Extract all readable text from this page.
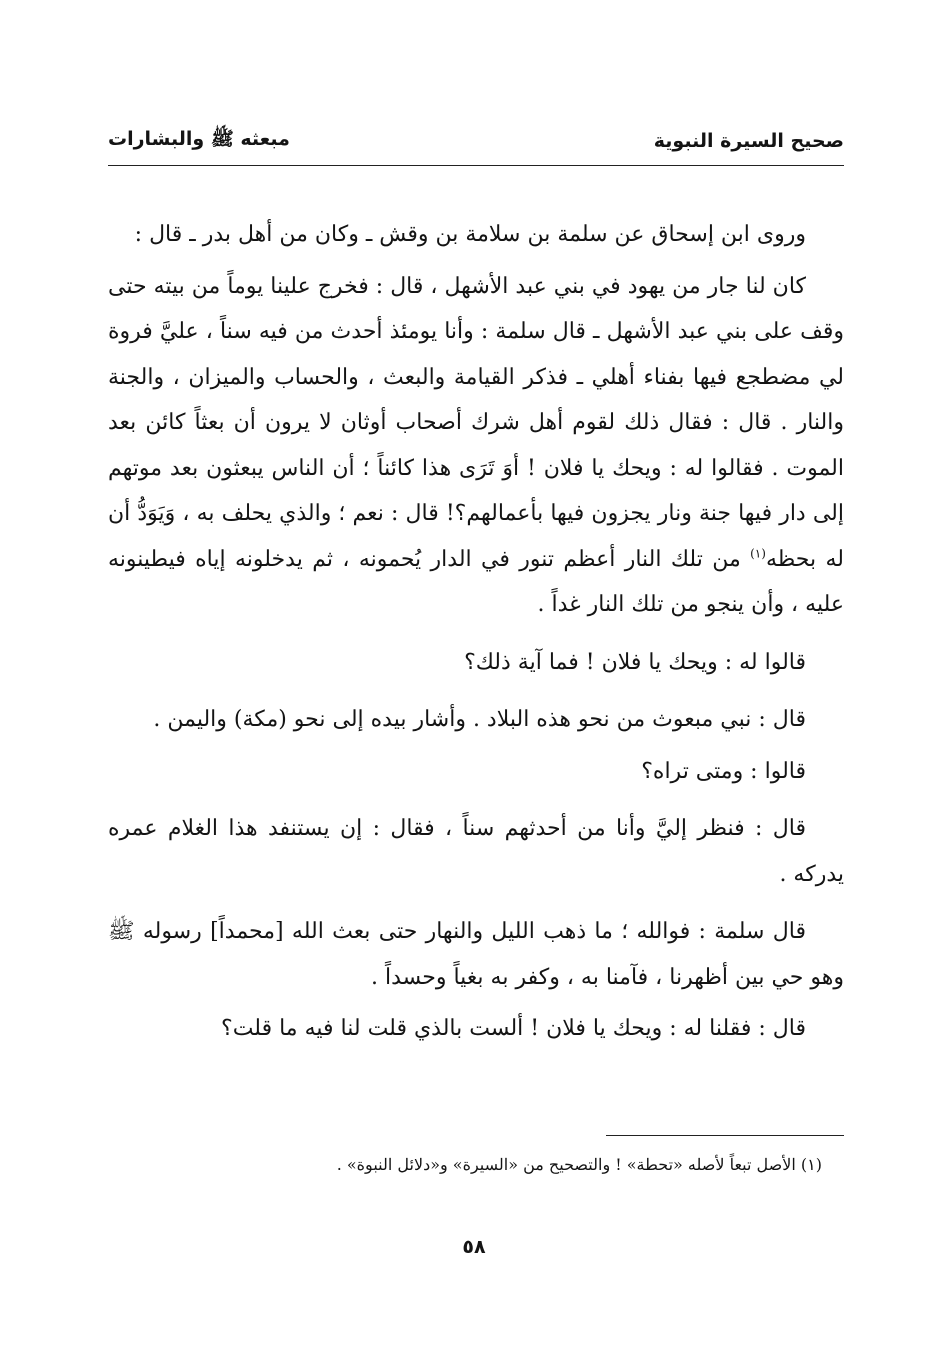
صحيح السيرة النبوية
مبعثه ﷺ والبشارات

وروى ابن إسحاق عن سلمة بن سلامة بن وقش ـ وكان من أهل بدر ـ قال :

كان لنا جار من يهود في بني عبد الأشهل ، قال : فخرج علينا يوماً من بيته حتى وقف على بني عبد الأشهل ـ قال سلمة : وأنا يومئذ أحدث من فيه سناً ، عليَّ فروة لي مضطجع فيها بفناء أهلي ـ فذكر القيامة والبعث ، والحساب والميزان ، والجنة والنار . قال : فقال ذلك لقوم أهل شرك أصحاب أوثان لا يرون أن بعثاً كائن بعد الموت . فقالوا له : ويحك يا فلان ! أوَ تَرَى هذا كائناً ؛ أن الناس يبعثون بعد موتهم إلى دار فيها جنة ونار يجزون فيها بأعمالهم؟! قال : نعم ؛ والذي يحلف به ، وَيَوَدُّ أن له بحظه$^{(١)}$ من تلك النار أعظم تنور في الدار يُحمونه ، ثم يدخلونه إياه فيطينونه عليه ، وأن ينجو من تلك النار غداً .

قالوا له : ويحك يا فلان ! فما آية ذلك؟

قال : نبي مبعوث من نحو هذه البلاد . وأشار بيده إلى نحو (مكة) واليمن .

قالوا : ومتى تراه؟

قال : فنظر إليَّ وأنا من أحدثهم سناً ، فقال : إن يستنفد هذا الغلام عمره يدركه .

قال سلمة : فوالله ؛ ما ذهب الليل والنهار حتى بعث الله [محمداً] رسوله ﷺ وهو حي بين أظهرنا ، فآمنا به ، وكفر به بغياً وحسداً .

قال : فقلنا له : ويحك يا فلان ! ألست بالذي قلت لنا فيه ما قلت؟

(١) الأصل تبعاً لأصله «تحطة» ! والتصحيح من «السيرة» و«دلائل النبوة» .
٥٨
